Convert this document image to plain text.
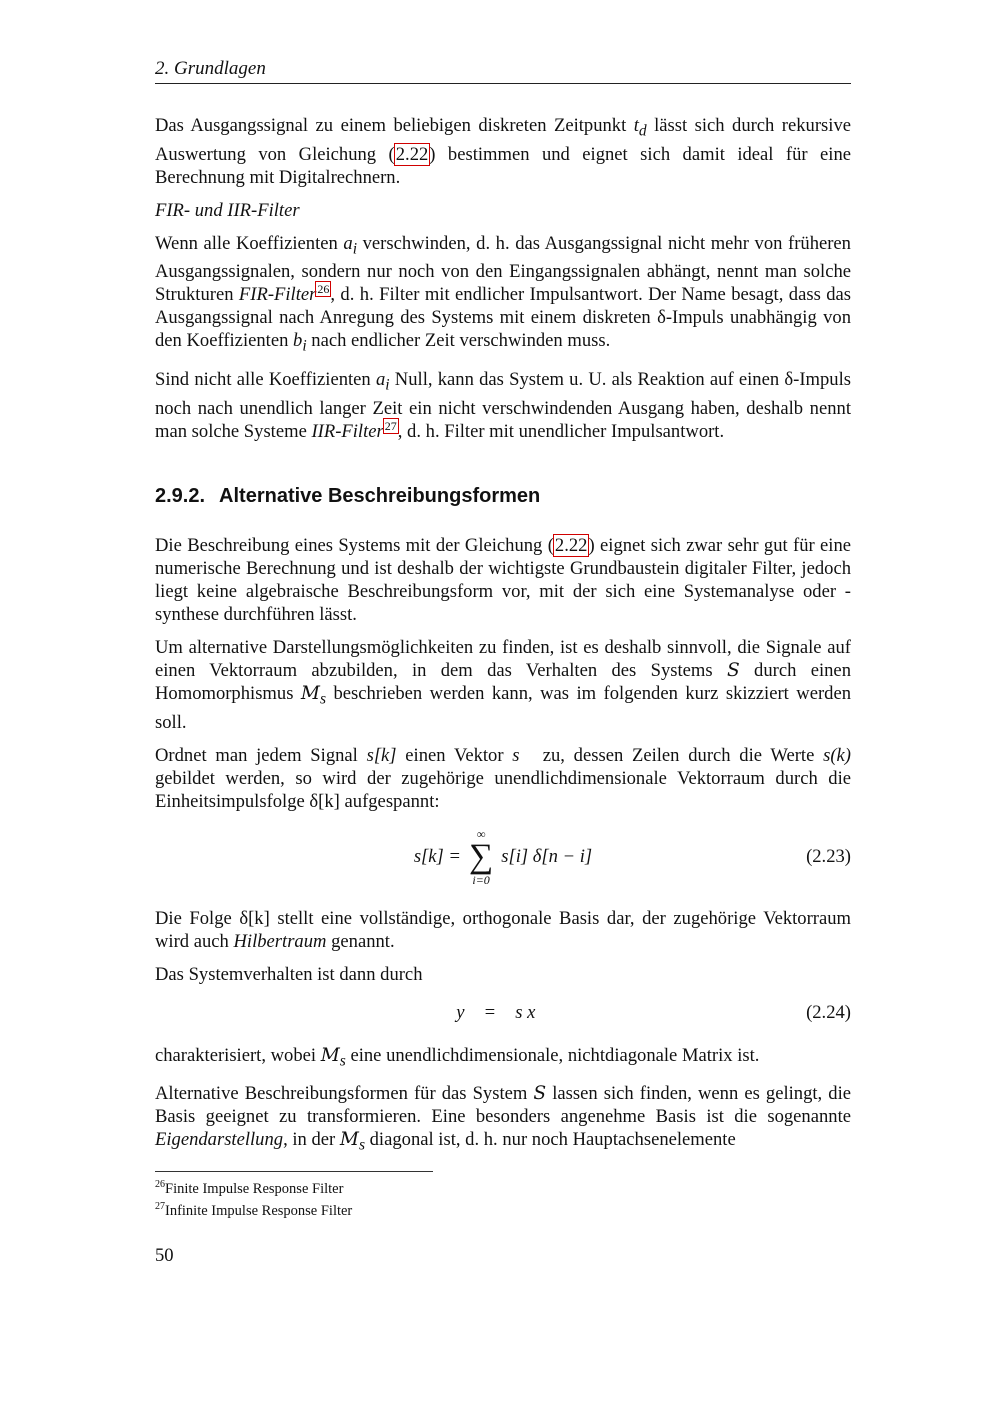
2. Grundlagen

Das Ausgangssignal zu einem beliebigen diskreten Zeitpunkt $t_d$ lässt sich durch rekursive Auswertung von Gleichung (2.22) bestimmen und eignet sich damit ideal für eine Berechnung mit Digitalrechnern.

FIR- und IIR-Filter

Wenn alle Koeffizienten $a_i$ verschwinden, d. h. das Ausgangssignal nicht mehr von früheren Ausgangssignalen, sondern nur noch von den Eingangssignalen abhängt, nennt man solche Strukturen FIR-Filter$^{26}$, d. h. Filter mit endlicher Impulsantwort. Der Name besagt, dass das Ausgangssignal nach Anregung des Systems mit einem diskreten δ-Impuls unabhängig von den Koeffizienten $b_i$ nach endlicher Zeit verschwinden muss.

Sind nicht alle Koeffizienten $a_i$ Null, kann das System u. U. als Reaktion auf einen δ-Impuls noch nach unendlich langer Zeit ein nicht verschwindenden Ausgang haben, deshalb nennt man solche Systeme IIR-Filter$^{27}$, d. h. Filter mit unendlicher Impulsantwort.

2.9.2. Alternative Beschreibungsformen

Die Beschreibung eines Systems mit der Gleichung (2.22) eignet sich zwar sehr gut für eine numerische Berechnung und ist deshalb der wichtigste Grundbaustein digitaler Filter, jedoch liegt keine algebraische Beschreibungsform vor, mit der sich eine Systemanalyse oder -synthese durchführen lässt.

Um alternative Darstellungsmöglichkeiten zu finden, ist es deshalb sinnvoll, die Signale auf einen Vektorraum abzubilden, in dem das Verhalten des Systems S durch einen Homomorphismus $M_s$ beschrieben werden kann, was im folgenden kurz skizziert werden soll.

Ordnet man jedem Signal s[k] einen Vektor s⃗ zu, dessen Zeilen durch die Werte s(k) gebildet werden, so wird der zugehörige unendlichdimensionale Vektorraum durch die Einheitsimpulsfolge δ[k] aufgespannt:

s[k] =
∞
∑
i=0
s[i] δ[n − i]	(2.23)

Die Folge δ[k] stellt eine vollständige, orthogonale Basis dar, der zugehörige Vektorraum wird auch Hilbertraum genannt.

Das Systemverhalten ist dann durch

y⃗ = ℳs x⃗	(2.24)

charakterisiert, wobei $M_s$ eine unendlichdimensionale, nichtdiagonale Matrix ist.

Alternative Beschreibungsformen für das System S lassen sich finden, wenn es gelingt, die Basis geeignet zu transformieren. Eine besonders angenehme Basis ist die sogenannte Eigendarstellung, in der $M_s$ diagonal ist, d. h. nur noch Hauptachsenelemente

$^{26}$Finite Impulse Response Filter
$^{27}$Infinite Impulse Response Filter
50
